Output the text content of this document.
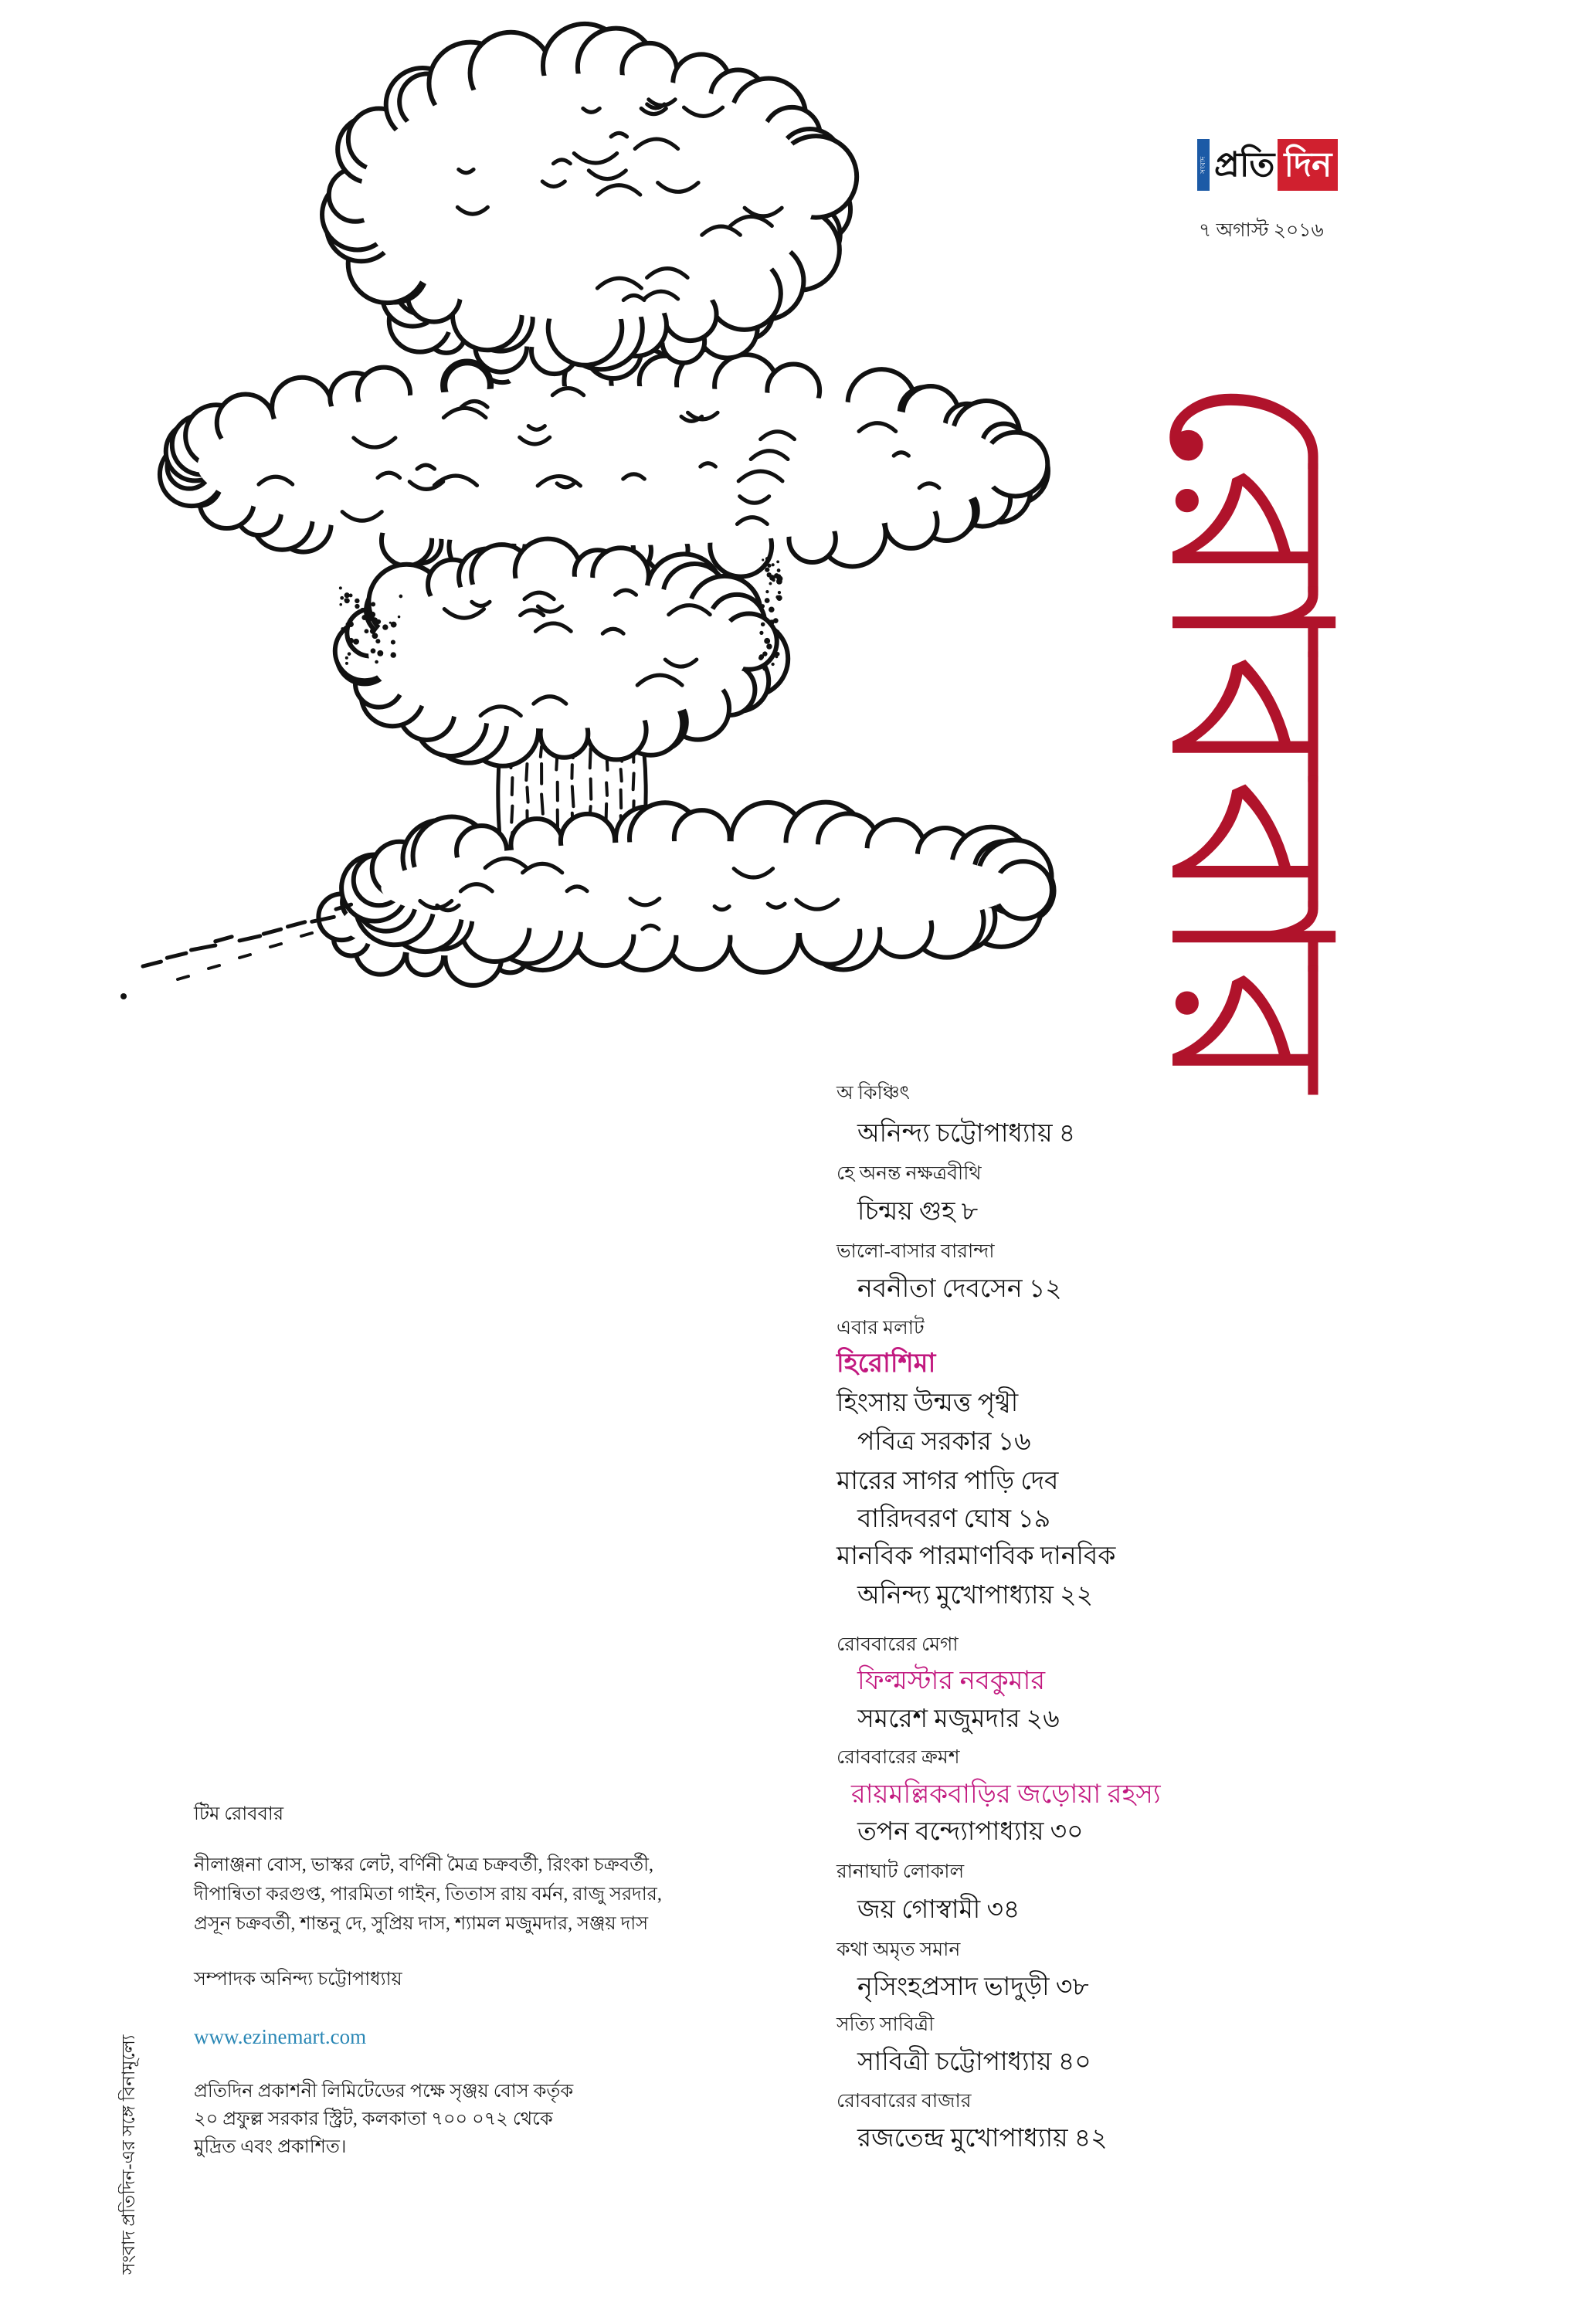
সংবাদ প্রতি দিন
৭ অগাস্ট ২০১৬
রোববার
অ কিঞ্চিৎ
অনিন্দ্য চট্টোপাধ্যায় ৪
হে অনন্ত নক্ষত্রবীথি
চিন্ময় গুহ ৮
ভালো-বাসার বারান্দা
নবনীতা দেবসেন ১২
এবার মলাট
হিরোশিমা
হিংসায় উন্মত্ত পৃথ্বী
পবিত্র সরকার ১৬
মারের সাগর পাড়ি দেব
বারিদবরণ ঘোষ ১৯
মানবিক পারমাণবিক দানবিক
অনিন্দ্য মুখোপাধ্যায় ২২
রোববারের মেগা
ফিল্মস্টার নবকুমার
সমরেশ মজুমদার ২৬
রোববারের ক্রমশ
রায়মল্লিকবাড়ির জড়োয়া রহস্য
তপন বন্দ্যোপাধ্যায় ৩০
রানাঘাট লোকাল
জয় গোস্বামী ৩৪
কথা অমৃত সমান
নৃসিংহপ্রসাদ ভাদুড়ী ৩৮
সত্যি সাবিত্রী
সাবিত্রী চট্টোপাধ্যায় ৪০
রোববারের বাজার
রজতেন্দ্র মুখোপাধ্যায় ৪২

টিম রোববার

নীলাঞ্জনা বোস, ভাস্কর লেট, বর্ণিনী মৈত্র চক্রবর্তী, রিংকা চক্রবর্তী,

দীপান্বিতা করগুপ্ত, পারমিতা গাইন, তিতাস রায় বর্মন, রাজু সরদার,

প্রসূন চক্রবর্তী, শান্তনু দে, সুপ্রিয় দাস, শ্যামল মজুমদার, সঞ্জয় দাস

সম্পাদক অনিন্দ্য চট্টোপাধ্যায়

www.ezinemart.com

প্রতিদিন প্রকাশনী লিমিটেডের পক্ষে সৃঞ্জয় বোস কর্তৃক

২০ প্রফুল্ল সরকার স্ট্রিট, কলকাতা ৭০০ ০৭২ থেকে

মুদ্রিত এবং প্রকাশিত।

সংবাদ প্রতিদিন-এর সঙ্গে বিনামূল্যে
